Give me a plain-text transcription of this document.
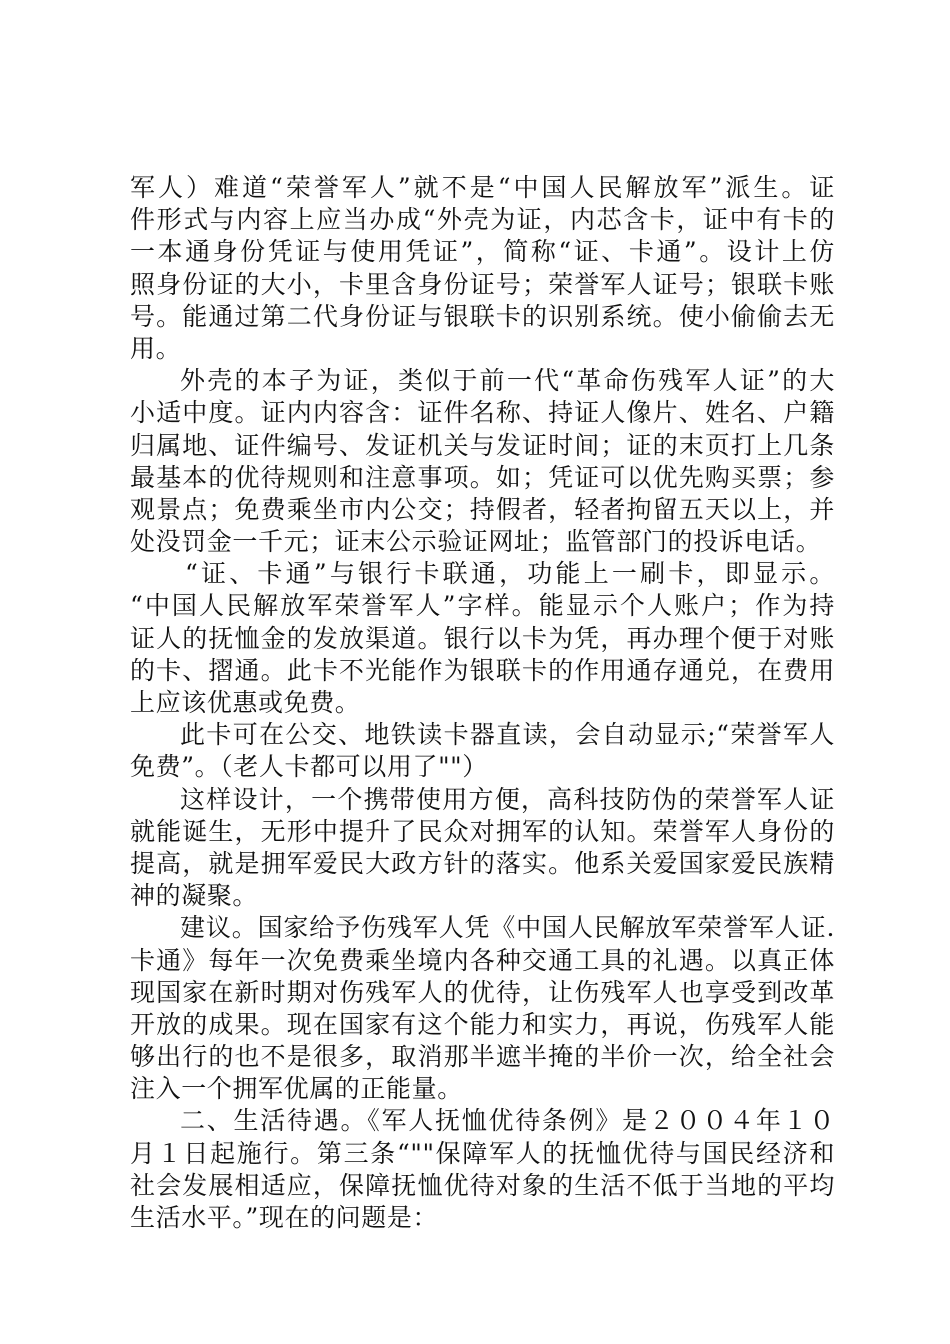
军人）难道“荣誉军人”就不是“中国人民解放军”派生。证
件形式与内容上应当办成“外壳为证，内芯含卡，证中有卡的
一本通身份凭证与使用凭证”，简称“证、卡通”。设计上仿
照身份证的大小，卡里含身份证号；荣誉军人证号；银联卡账
号。能通过第二代身份证与银联卡的识别系统。使小偷偷去无
用。
外壳的本子为证，类似于前一代“革命伤残军人证”的大
小适中度。证内内容含：证件名称、持证人像片、姓名、户籍
归属地、证件编号、发证机关与发证时间；证的末页打上几条
最基本的优待规则和注意事项。如；凭证可以优先购买票；参
观景点；免费乘坐市内公交；持假者，轻者拘留五天以上，并
处没罚金一千元；证末公示验证网址；监管部门的投诉电话。
“证、卡通”与银行卡联通，功能上一刷卡，即显示。
“中国人民解放军荣誉军人”字样。能显示个人账户；作为持
证人的抚恤金的发放渠道。银行以卡为凭，再办理个便于对账
的卡、摺通。此卡不光能作为银联卡的作用通存通兑，在费用
上应该优惠或免费。
此卡可在公交、地铁读卡器直读，会自动显示;“荣誉军人
免费”。（老人卡都可以用了""）
这样设计，一个携带使用方便，高科技防伪的荣誉军人证
就能诞生，无形中提升了民众对拥军的认知。荣誉军人身份的
提高，就是拥军爱民大政方针的落实。他系关爱国家爱民族精
神的凝聚。
建议。国家给予伤残军人凭《中国人民解放军荣誉军人证.
卡通》每年一次免费乘坐境内各种交通工具的礼遇。以真正体
现国家在新时期对伤残军人的优待，让伤残军人也享受到改革
开放的成果。现在国家有这个能力和实力，再说，伤残军人能
够出行的也不是很多，取消那半遮半掩的半价一次，给全社会
注入一个拥军优属的正能量。
二、生活待遇。《军人抚恤优待条例》是２００４年１０
月１日起施行。第三条“""保障军人的抚恤优待与国民经济和
社会发展相适应，保障抚恤优待对象的生活不低于当地的平均
生活水平。”现在的问题是：
